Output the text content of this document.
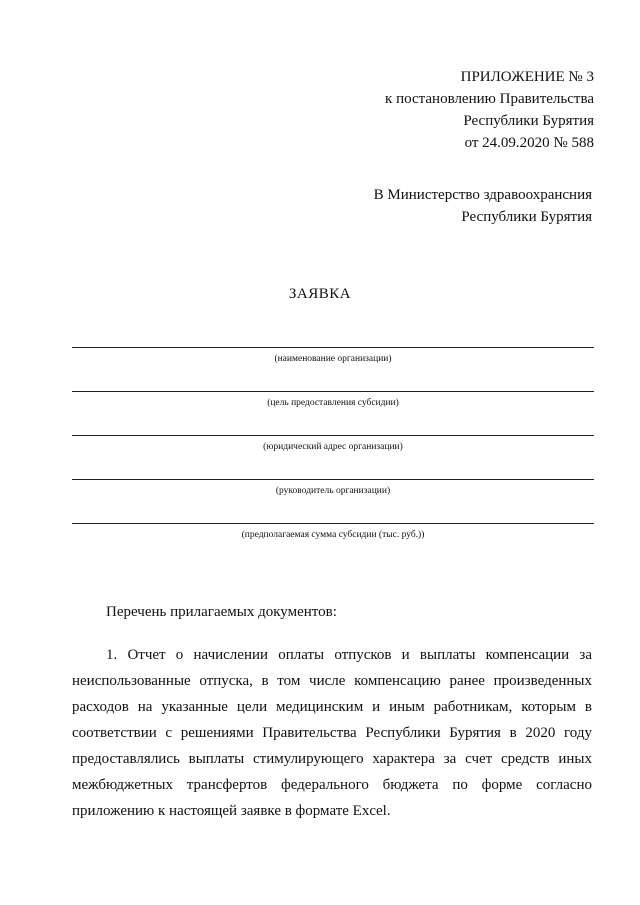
ПРИЛОЖЕНИЕ № 3
к постановлению Правительства
Республики Бурятия
от 24.09.2020 № 588
В Министерство здравоохрансния
Республики Бурятия
ЗАЯВКА
(наименование организации)
(цель предоставления субсидии)
(юридический адрес организации)
(руководитель организации)
(предполагаемая сумма субсидии (тыс. руб.))
Перечень прилагаемых документов:
1. Отчет о начислении оплаты отпусков и выплаты компенсации за неиспользованные отпуска, в том числе компенсацию ранее произведенных расходов на указанные цели медицинским и иным работникам, которым в соответствии с решениями Правительства Республики Бурятия в 2020 году предоставлялись выплаты стимулирующего характера за счет средств иных межбюджетных трансфертов федерального бюджета по форме согласно приложению к настоящей заявке в формате Excel.
